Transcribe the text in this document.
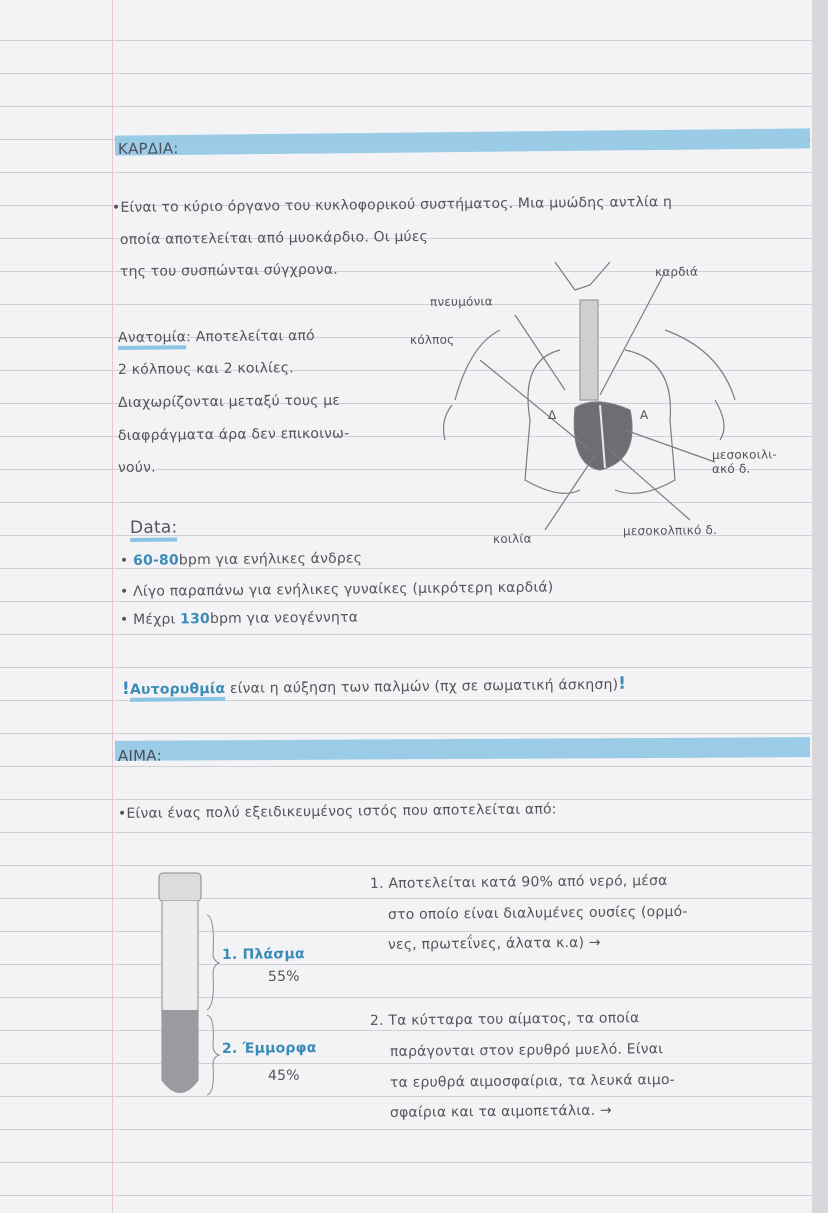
ΚΑΡΔΙΑ:
•Είναι το κύριο όργανο του κυκλοφορικού συστήματος. Μια μυώδης αντλία η
οποία αποτελείται από μυοκάρδιο. Οι μύες
της του συσπώνται σύγχρονα.
Ανατομία: Αποτελείται από
2 κόλπους και 2 κοιλίες.
Διαχωρίζονται μεταξύ τους με
διαφράγματα άρα δεν επικοινω-
νούν.
πνευμόνια
κόλπος
καρδιά
Δ	Α
μεσοκοιλι-
ακό δ.
κοιλία
μεσοκολπικό δ.
Data:
• 60-80bpm για ενήλικες άνδρες
• Λίγο παραπάνω για ενήλικες γυναίκες (μικρότερη καρδιά)
• Μέχρι 130bpm για νεογέννητα
!Αυτορυθμία είναι η αύξηση των παλμών (πχ σε σωματική άσκηση)!
ΑΙΜΑ:
•Είναι ένας πολύ εξειδικευμένος ιστός που αποτελείται από:
1. Πλάσμα
55%
2. Έμμορφα
45%
1. Αποτελείται κατά 90% από νερό, μέσα
στο οποίο είναι διαλυμένες ουσίες (ορμό-
νες, πρωτεΐνες, άλατα κ.α) →
2. Τα κύτταρα του αίματος, τα οποία
παράγονται στον ερυθρό μυελό. Είναι
τα ερυθρά αιμοσφαίρια, τα λευκά αιμο-
σφαίρια και τα αιμοπετάλια. →
